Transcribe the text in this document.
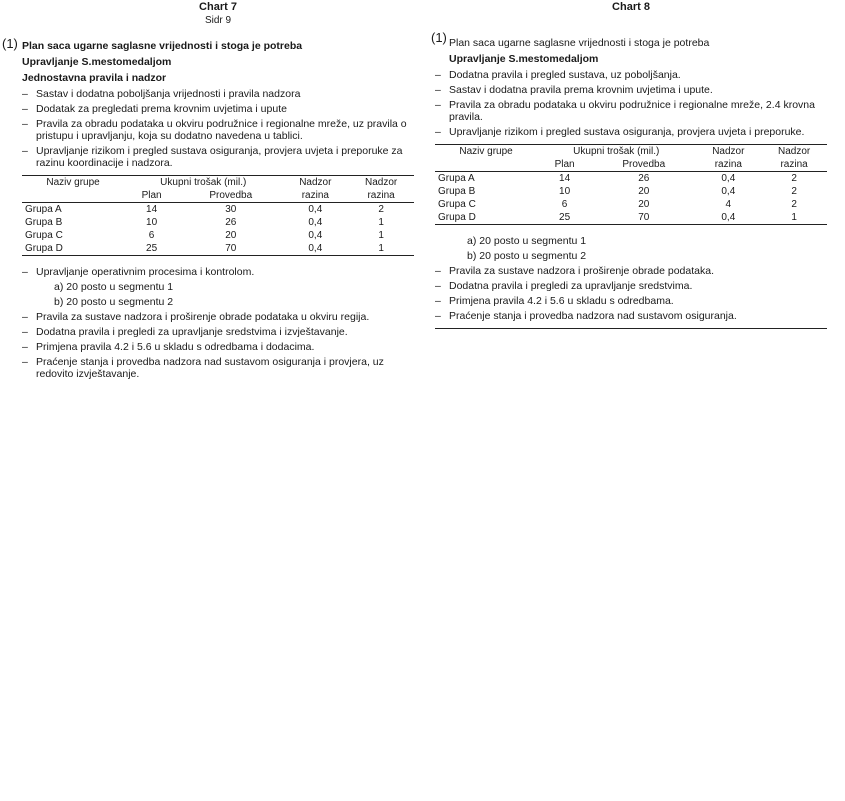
Chart 7
Sidr 9
(1) Plan saca ugarne saglasne vrijednosti i stoga je potreba

Upravljanje S.mestomedaljom

Jednostavna pravila i nadzor

– Sastav i dodatna poboljšanja vrijednosti i pravila nadzora
– Dodatak za pregledati prema krovnim uvjetima i upute
– Pravila za obradu podataka u okviru podružnice i regionalne mreže, uz pravila o pristupu i upravljanju, koja su dodatno navedena u tablici.
– Upravljanje rizikom i pregled sustava osiguranja, provjera uvjeta i preporuke za razinu koordinacije i nadzora.
Naziv grupe	Ukupni trošak (mil.)		Nadzor	Nadzor
	Plan	Provedba	razina	razina
Grupa A	14	30	0,4	2
Grupa B	10	26	0,4	1
Grupa C	6	20	0,4	1
Grupa D	25	70	0,4	1
– Upravljanje operativnim procesima i kontrolom.
a) 20 posto u segmentu 1
b) 20 posto u segmentu 2
– Pravila za sustave nadzora i proširenje obrade podataka u okviru regija.
– Dodatna pravila i pregledi za upravljanje sredstvima i izvještavanje.
– Primjena pravila 4.2 i 5.6 u skladu s odredbama i dodacima.
– Praćenje stanja i provedba nadzora nad sustavom osiguranja i provjera, uz redovito izvještavanje.
Chart 8
(1) Plan saca ugarne saglasne vrijednosti i stoga je potreba

Upravljanje S.mestomedaljom

– Dodatna pravila i pregled sustava, uz poboljšanja.
– Sastav i dodatna pravila prema krovnim uvjetima i upute.
– Pravila za obradu podataka u okviru podružnice i regionalne mreže, 2.4 krovna pravila.
– Upravljanje rizikom i pregled sustava osiguranja, provjera uvjeta i preporuke.
Naziv grupe	Ukupni trošak (mil.)		Nadzor	Nadzor
	Plan	Provedba	razina	razina
Grupa A	14	26	0,4	2
Grupa B	10	20	0,4	2
Grupa C	6	20	4	2
Grupa D	25	70	0,4	1
a) 20 posto u segmentu 1
b) 20 posto u segmentu 2
– Pravila za sustave nadzora i proširenje obrade podataka.
– Dodatna pravila i pregledi za upravljanje sredstvima.
– Primjena pravila 4.2 i 5.6 u skladu s odredbama.
– Praćenje stanja i provedba nadzora nad sustavom osiguranja.
